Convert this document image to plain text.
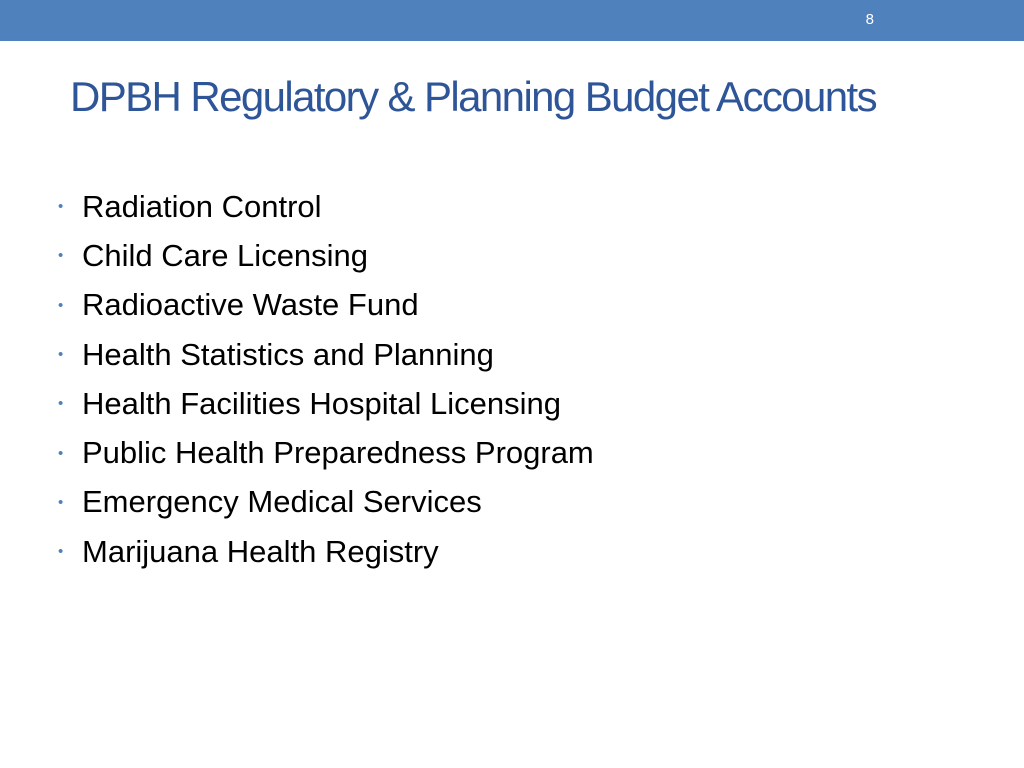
8
DPBH Regulatory & Planning Budget Accounts
• Radiation Control
• Child Care Licensing
• Radioactive Waste Fund
• Health Statistics and Planning
• Health Facilities Hospital Licensing
• Public Health Preparedness Program
• Emergency Medical Services
• Marijuana Health Registry
